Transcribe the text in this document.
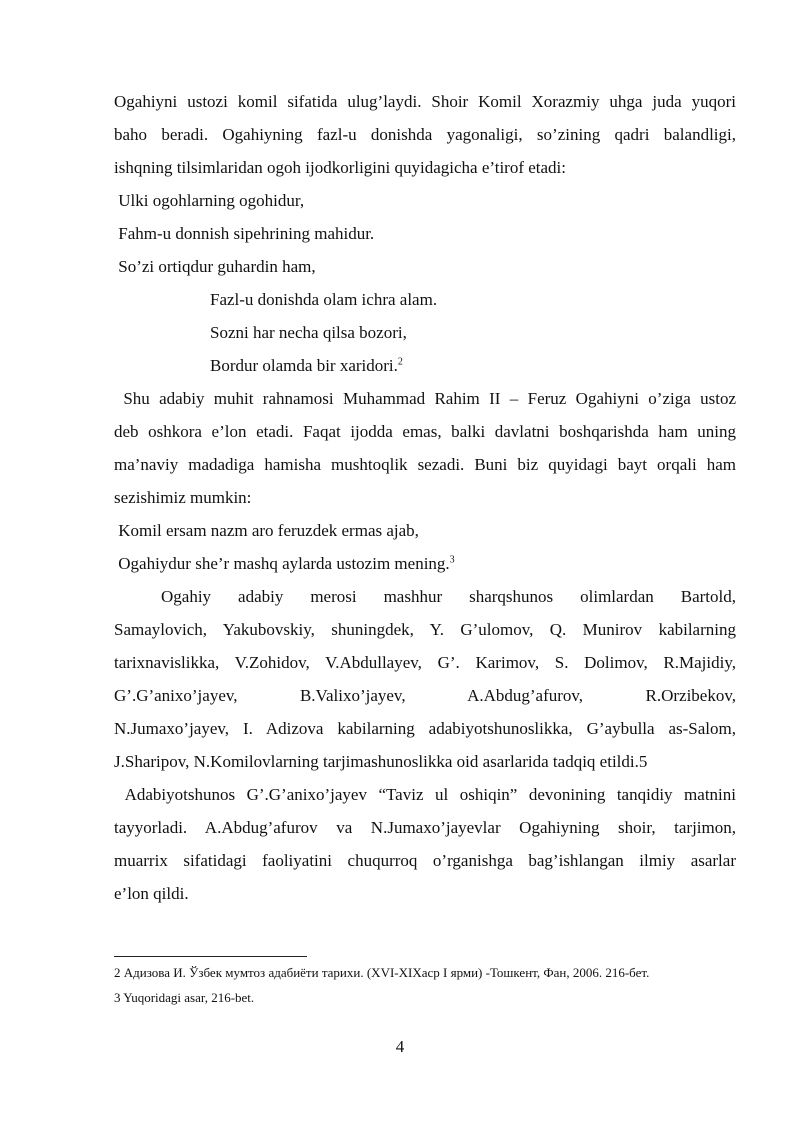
Ogahiyni ustozi komil sifatida ulug’laydi. Shoir Komil Xorazmiy uhga juda yuqori
baho beradi. Ogahiyning fazl-u donishda yagonaligi, so’zining qadri balandligi,
ishqning tilsimlaridan ogoh ijodkorligini quyidagicha e’tirof etadi:
Ulki ogohlarning ogohidur,
Fahm-u donnish sipehrining mahidur.
So’zi ortiqdur guhardin ham,
Fazl-u donishda olam ichra alam.
Sozni har necha qilsa bozori,
Bordur olamda bir xaridori.$^2$
Shu adabiy muhit rahnamosi Muhammad Rahim II – Feruz Ogahiyni o’ziga ustoz
deb oshkora e’lon etadi. Faqat ijodda emas, balki davlatni boshqarishda ham uning
ma’naviy madadiga hamisha mushtoqlik sezadi. Buni biz quyidagi bayt orqali ham
sezishimiz mumkin:
Komil ersam nazm aro feruzdek ermas ajab,
Ogahiydur she’r mashq aylarda ustozim mening.$^3$
Ogahiy adabiy merosi mashhur sharqshunos olimlardan Bartold,
Samaylovich, Yakubovskiy, shuningdek, Y. G’ulomov, Q. Munirov kabilarning
tarixnavislikka, V.Zohidov, V.Abdullayev, G’. Karimov, S. Dolimov, R.Majidiy,
G’.G’anixo’jayev, B.Valixo’jayev, A.Abdug’afurov, R.Orzibekov,
N.Jumaxo’jayev, I. Adizova kabilarning adabiyotshunoslikka, G’aybulla as-Salom,
J.Sharipov, N.Komilovlarning tarjimashunoslikka oid asarlarida tadqiq etildi.5
Adabiyotshunos G’.G’anixo’jayev “Taviz ul oshiqin” devonining tanqidiy matnini
tayyorladi. A.Abdug’afurov va N.Jumaxo’jayevlar Ogahiyning shoir, tarjimon,
muarrix sifatidagi faoliyatini chuqurroq o’rganishga bag’ishlangan ilmiy asarlar
e’lon qildi.
2 Адизова И. Ўзбек мумтоз адабиёти тарихи. (XVI-XIXаср I ярми) -Тошкент, Фан, 2006. 216-бет.
3 Yuqoridagi asar, 216-bet.
4
